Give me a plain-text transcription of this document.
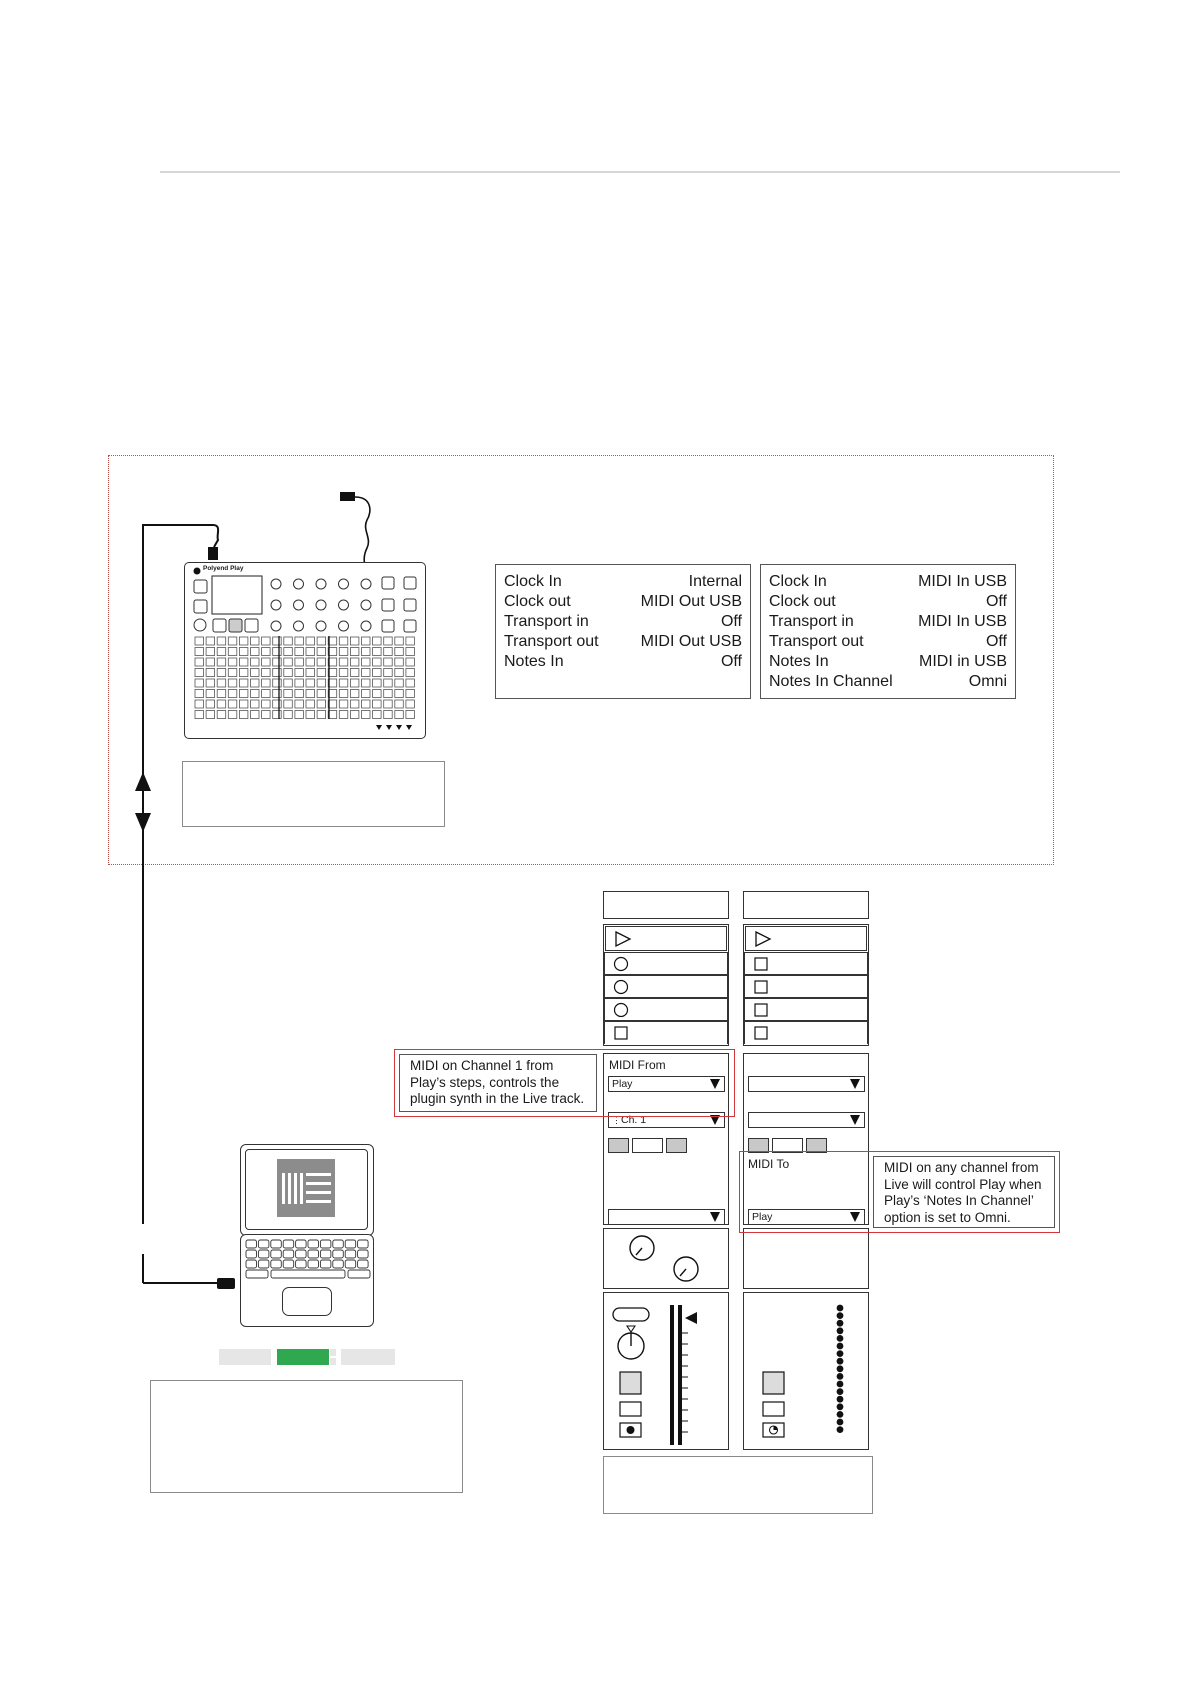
Polyend Play
Clock In	Internal
Clock out	MIDI Out USB
Transport in	Off
Transport out	MIDI Out USB
Notes In	Off
Clock In	MIDI In USB
Clock out	Off
Transport in	MIDI In USB
Transport out	Off
Notes In	MIDI in USB
Notes In Channel	Omni
MIDI From
Play
⋮Ch. 1
MIDI To
Play
MIDI on Channel 1 from Play’s steps, controls the plugin synth in the Live track.
MIDI on any channel from Live will control Play when Play’s ‘Notes In Channel’ option is set to Omni.
